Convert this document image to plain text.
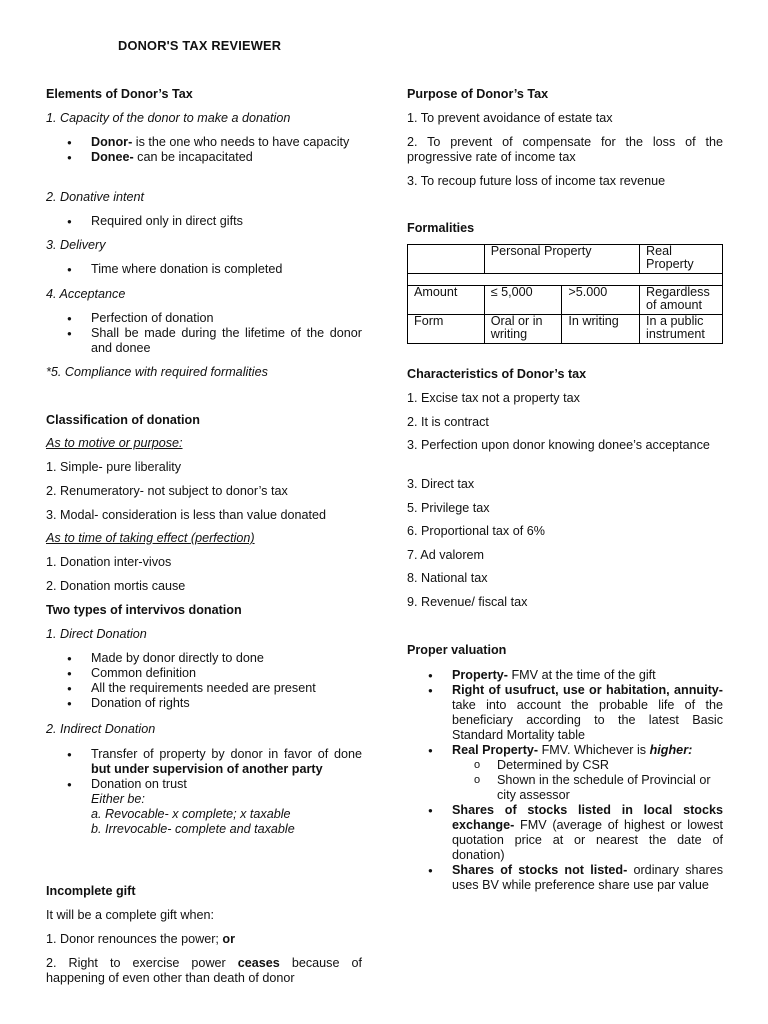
DONOR'S TAX REVIEWER
Elements of Donor’s Tax
1. Capacity of the donor to make a donation
● Donor- is the one who needs to have capacity
● Donee- can be incapacitated
2. Donative intent
● Required only in direct gifts
3. Delivery
● Time where donation is completed
4. Acceptance
● Perfection of donation
● Shall be made during the lifetime of the donor and donee
*5. Compliance with required formalities
Classification of donation
As to motive or purpose:
1. Simple- pure liberality
2. Renumeratory- not subject to donor’s tax
3. Modal- consideration is less than value donated
As to time of taking effect (perfection)
1. Donation inter-vivos
2. Donation mortis cause
Two types of intervivos donation
1. Direct Donation
● Made by donor directly to done
● Common definition
● All the requirements needed are present
● Donation of rights
2. Indirect Donation
● Transfer of property by donor in favor of done but under supervision of another party
● Donation on trust
Either be:
a. Revocable- x complete; x taxable
b. Irrevocable- complete and taxable
Incomplete gift
It will be a complete gift when:
1. Donor renounces the power; or
2. Right to exercise power ceases because of happening of even other than death of donor
Purpose of Donor’s Tax
1. To prevent avoidance of estate tax
2. To prevent of compensate for the loss of the progressive rate of income tax
3. To recoup future loss of income tax revenue
Formalities
	Personal Property		Real Property

Amount	≤ 5,000	>5.000	Regardless of amount
Form	Oral or in writing	In writing	In a public instrument
Characteristics of Donor’s tax
1. Excise tax not a property tax
2. It is contract
3. Perfection upon donor knowing donee’s acceptance
3. Direct tax
5. Privilege tax
6. Proportional tax of 6%
7. Ad valorem
8. National tax
9. Revenue/ fiscal tax
Proper valuation
● Property- FMV at the time of the gift
● Right of usufruct, use or habitation, annuity- take into account the probable life of the beneficiary according to the latest Basic Standard Mortality table
● Real Property- FMV. Whichever is higher:
o Determined by CSR
o Shown in the schedule of Provincial or city assessor
● Shares of stocks listed in local stocks exchange- FMV (average of highest or lowest quotation price at or nearest the date of donation)
● Shares of stocks not listed- ordinary shares uses BV while preference share use par value
